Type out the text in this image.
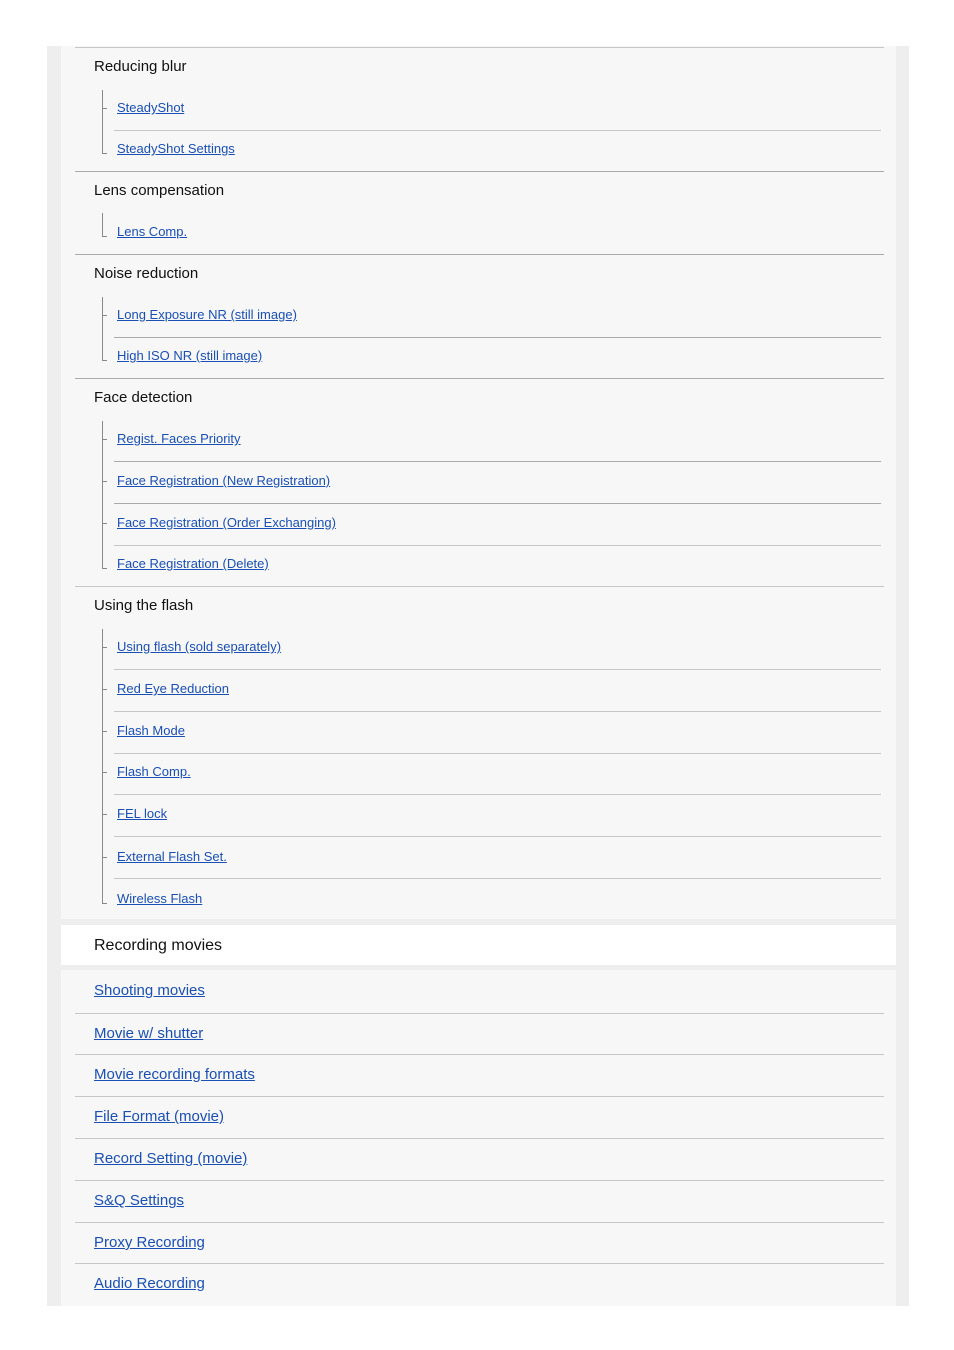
Reducing blur
SteadyShot
SteadyShot Settings
Lens compensation
Lens Comp.
Noise reduction
Long Exposure NR (still image)
High ISO NR (still image)
Face detection
Regist. Faces Priority
Face Registration (New Registration)
Face Registration (Order Exchanging)
Face Registration (Delete)
Using the flash
Using flash (sold separately)
Red Eye Reduction
Flash Mode
Flash Comp.
FEL lock
External Flash Set.
Wireless Flash
Recording movies
Shooting movies
Movie w/ shutter
Movie recording formats
File Format (movie)
Record Setting (movie)
S&Q Settings
Proxy Recording
Audio Recording
